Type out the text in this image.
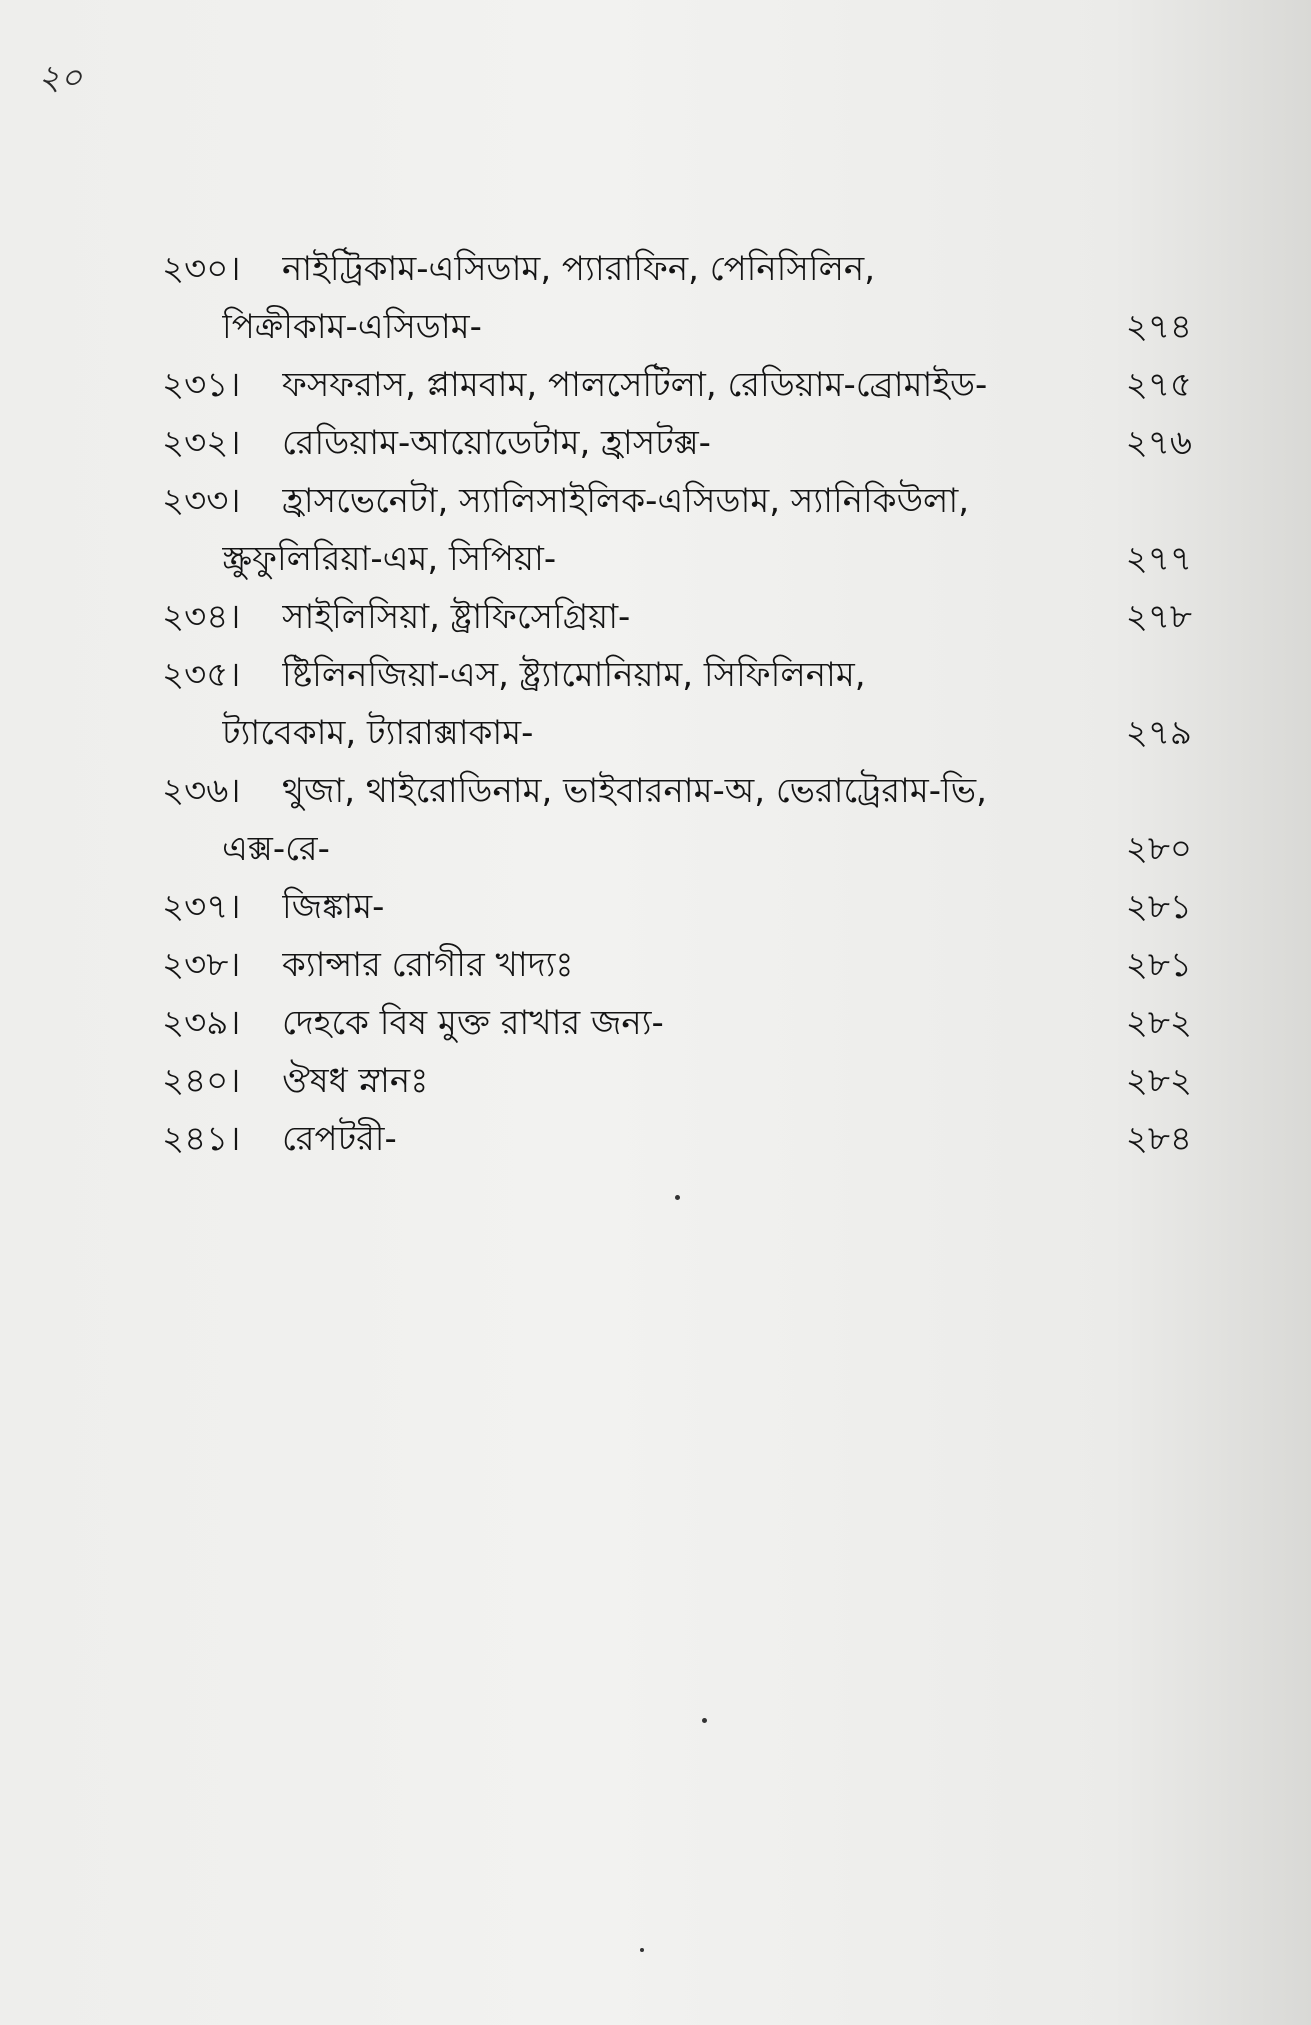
২০

২৩০।	নাইট্রিকাম-এসিডাম, প্যারাফিন, পেনিসিলিন,
পিক্রীকাম-এসিডাম-	২৭৪
২৩১।	ফসফরাস, প্লামবাম, পালসেটিলা, রেডিয়াম-ব্রোমাইড-	২৭৫
২৩২।	রেডিয়াম-আয়োডেটাম, হ্রাসটক্স-	২৭৬
২৩৩।	হ্রাসভেনেটা, স্যালিসাইলিক-এসিডাম, স্যানিকিউলা,
স্ক্রুফুলিরিয়া-এম, সিপিয়া-	২৭৭
২৩৪।	সাইলিসিয়া, ষ্ট্রাফিসেগ্রিয়া-	২৭৮
২৩৫।	ষ্টিলিনজিয়া-এস, ষ্ট্র্যামোনিয়াম, সিফিলিনাম,
ট্যাবেকাম, ট্যারাক্সাকাম-	২৭৯
২৩৬।	থুজা, থাইরোডিনাম, ভাইবারনাম-অ, ভেরাট্রেরাম-ভি,
এক্স-রে-	২৮০
২৩৭।	জিঙ্কাম-	২৮১
২৩৮।	ক্যান্সার রোগীর খাদ্যঃ	২৮১
২৩৯।	দেহকে বিষ মুক্ত রাখার জন্য-	২৮২
২৪০।	ঔষধ স্নানঃ	২৮২
২৪১।	রেপটরী-	২৮৪
